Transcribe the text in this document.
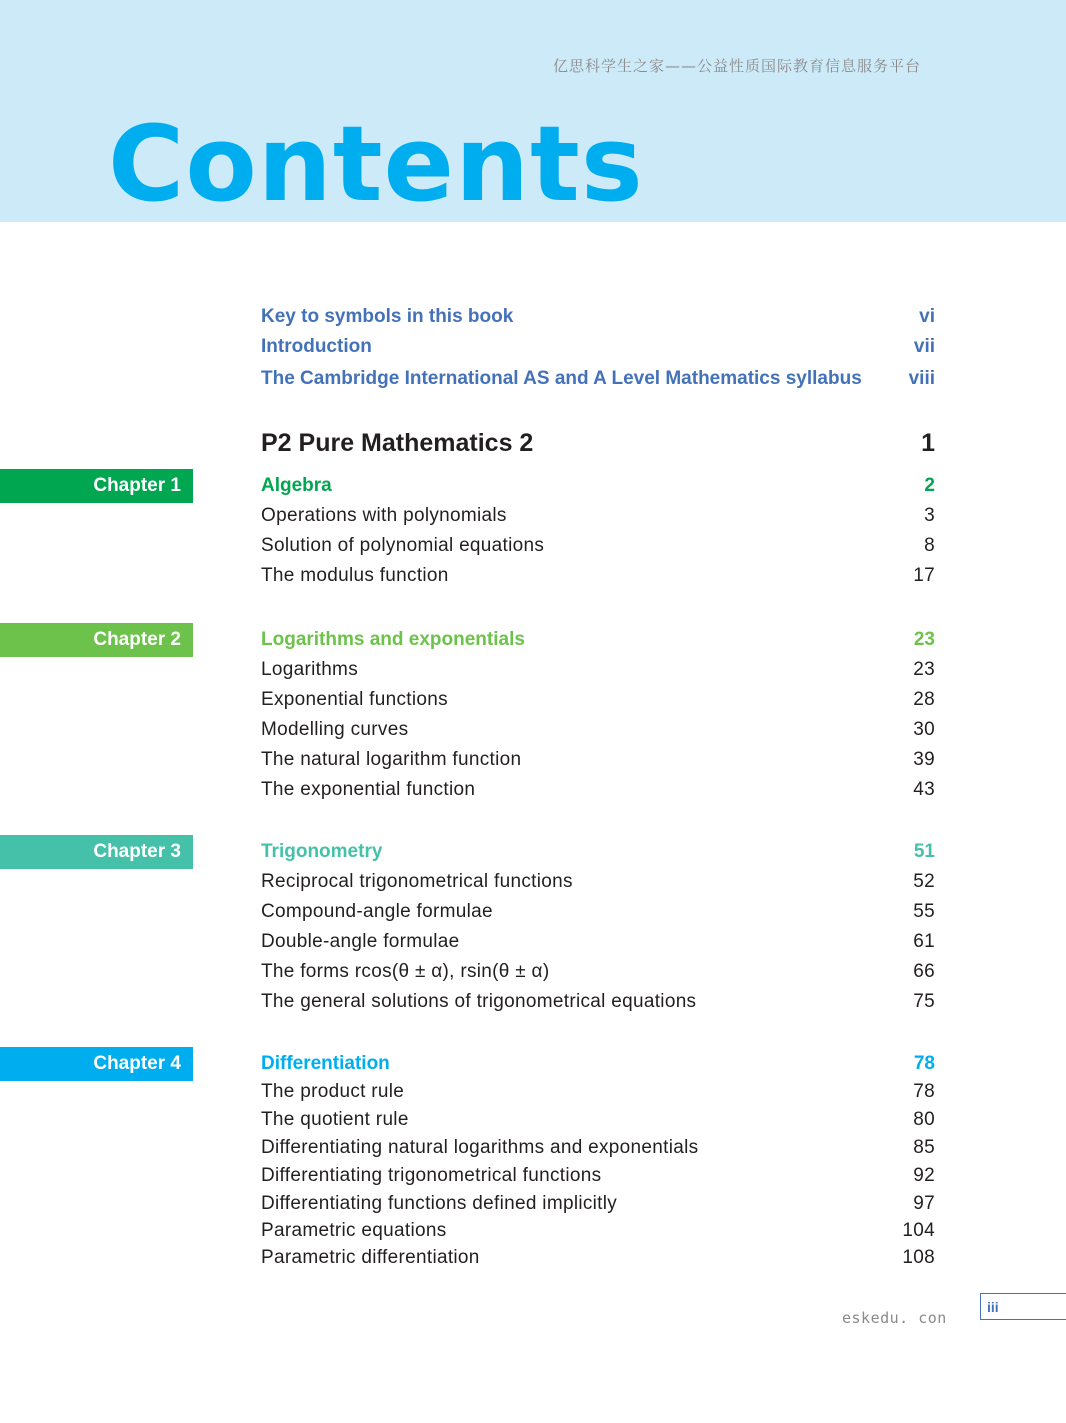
亿思科学生之家——公益性质国际教育信息服务平台
Contents
Key to symbols in this book	vi
Introduction	vii
The Cambridge International AS and A Level Mathematics syllabus viii
P2 Pure Mathematics 2	1
Chapter 1	Algebra	2
Operations with polynomials	3
Solution of polynomial equations	8
The modulus function	17
Chapter 2	Logarithms and exponentials	23
Logarithms	23
Exponential functions	28
Modelling curves	30
The natural logarithm function	39
The exponential function	43
Chapter 3	Trigonometry	51
Reciprocal trigonometrical functions	52
Compound-angle formulae	55
Double-angle formulae	61
The forms rcos(θ ± α), rsin(θ ± α)	66
The general solutions of trigonometrical equations	75
Chapter 4	Differentiation	78
The product rule	78
The quotient rule	80
Differentiating natural logarithms and exponentials	85
Differentiating trigonometrical functions	92
Differentiating functions defined implicitly	97
Parametric equations	104
Parametric differentiation	108
eskedu. con
iii
